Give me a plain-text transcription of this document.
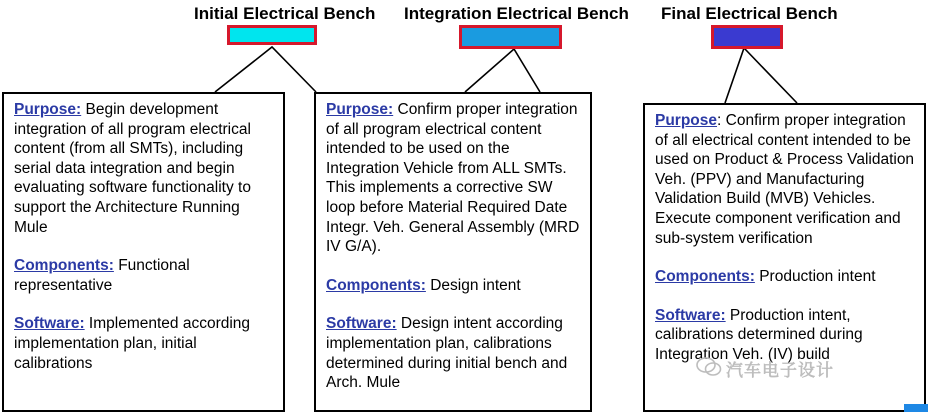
Initial Electrical Bench
Purpose: Begin development integration of all program electrical content (from all SMTs), including serial data integration and begin evaluating software functionality to support the Architecture Running Mule
Components: Functional representative
Software: Implemented according implementation plan, initial calibrations
Integration Electrical Bench
Purpose: Confirm proper integration of all program electrical content intended to be used on the Integration Vehicle from ALL SMTs. This implements a corrective SW loop before Material Required Date Integr. Veh. General Assembly (MRD IV G/A).
Components: Design intent
Software: Design intent according implementation plan, calibrations determined during initial bench and Arch. Mule
Final Electrical Bench
Purpose: Confirm proper integration of all electrical content intended to be used on Product & Process Validation Veh. (PPV) and Manufacturing Validation Build (MVB) Vehicles. Execute component verification and sub-system verification
Components: Production intent
Software: Production intent, calibrations determined during Integration Veh. (IV) build
汽车电子设计
